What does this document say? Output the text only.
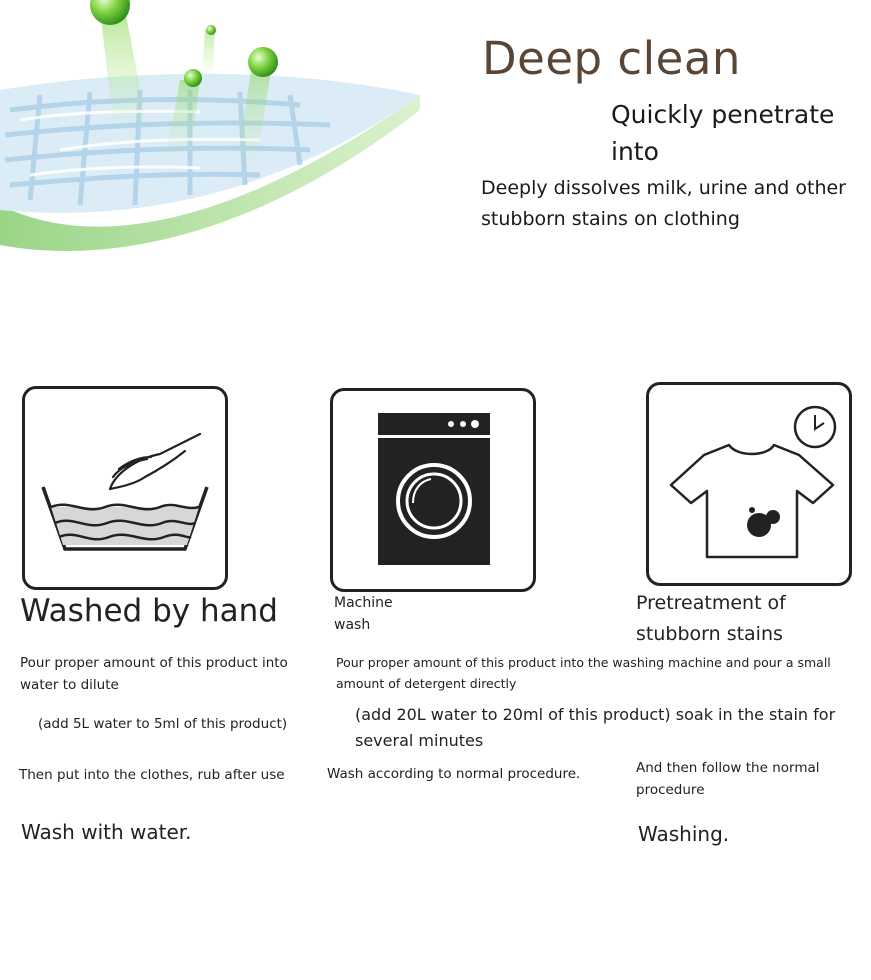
Deep clean
Quickly penetrate into
Deeply dissolves milk, urine and other stubborn stains on clothing
Washed by hand
Pour proper amount of this product into water to dilute
(add 5L water to 5ml of this product)
Then put into the clothes, rub after use
Wash with water.
Machine wash
Pour proper amount of this product into the washing machine and pour a small amount of detergent directly
(add 20L water to 20ml of this product) soak in the stain for several minutes
Wash according to normal procedure.
Pretreatment of stubborn stains
And then follow the normal procedure
Washing.
